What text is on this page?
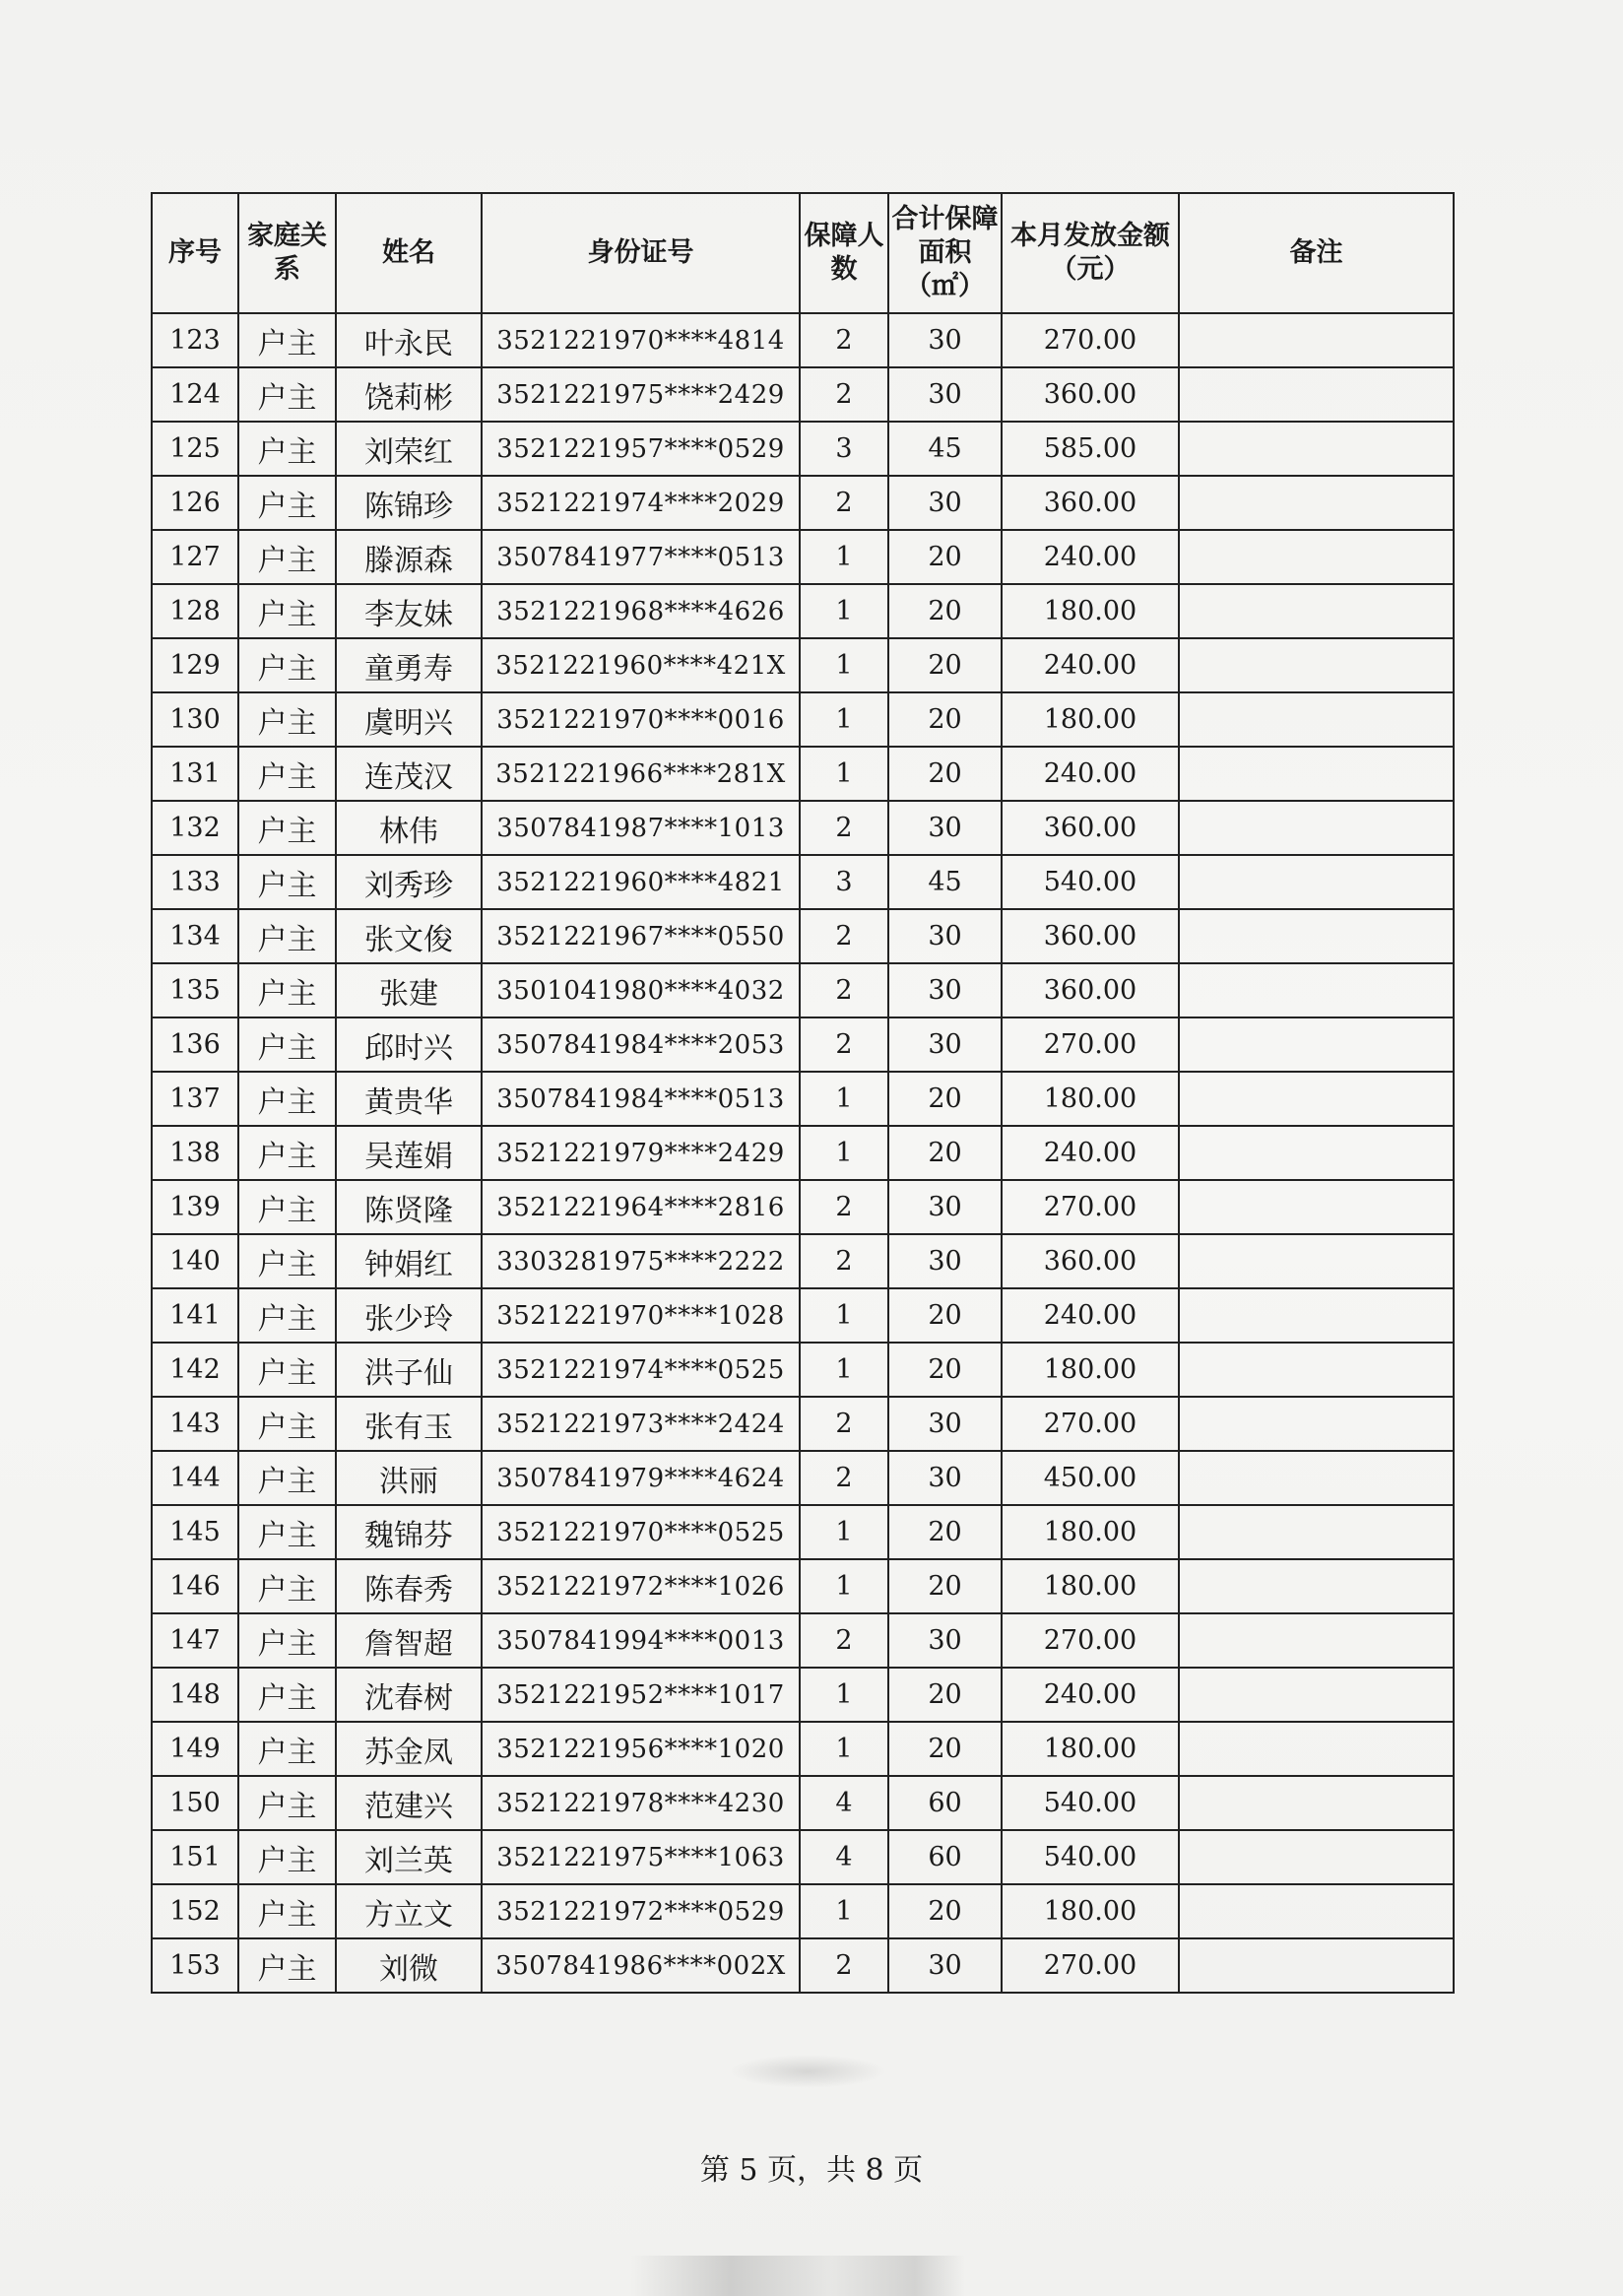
序号	家庭关系	姓名	身份证号	保障人数	合计保障面积（㎡）	本月发放金额（元）	备注
123	户主	叶永民	3521221970****4814	2	30	270.00	
124	户主	饶莉彬	3521221975****2429	2	30	360.00	
125	户主	刘荣红	3521221957****0529	3	45	585.00	
126	户主	陈锦珍	3521221974****2029	2	30	360.00	
127	户主	滕源森	3507841977****0513	1	20	240.00	
128	户主	李友妹	3521221968****4626	1	20	180.00	
129	户主	童勇寿	3521221960****421X	1	20	240.00	
130	户主	虞明兴	3521221970****0016	1	20	180.00	
131	户主	连茂汉	3521221966****281X	1	20	240.00	
132	户主	林伟	3507841987****1013	2	30	360.00	
133	户主	刘秀珍	3521221960****4821	3	45	540.00	
134	户主	张文俊	3521221967****0550	2	30	360.00	
135	户主	张建	3501041980****4032	2	30	360.00	
136	户主	邱时兴	3507841984****2053	2	30	270.00	
137	户主	黄贵华	3507841984****0513	1	20	180.00	
138	户主	吴莲娟	3521221979****2429	1	20	240.00	
139	户主	陈贤隆	3521221964****2816	2	30	270.00	
140	户主	钟娟红	3303281975****2222	2	30	360.00	
141	户主	张少玲	3521221970****1028	1	20	240.00	
142	户主	洪子仙	3521221974****0525	1	20	180.00	
143	户主	张有玉	3521221973****2424	2	30	270.00	
144	户主	洪丽	3507841979****4624	2	30	450.00	
145	户主	魏锦芬	3521221970****0525	1	20	180.00	
146	户主	陈春秀	3521221972****1026	1	20	180.00	
147	户主	詹智超	3507841994****0013	2	30	270.00	
148	户主	沈春树	3521221952****1017	1	20	240.00	
149	户主	苏金凤	3521221956****1020	1	20	180.00	
150	户主	范建兴	3521221978****4230	4	60	540.00	
151	户主	刘兰英	3521221975****1063	4	60	540.00	
152	户主	方立文	3521221972****0529	1	20	180.00	
153	户主	刘微	3507841986****002X	2	30	270.00	
第 5 页，共 8 页
